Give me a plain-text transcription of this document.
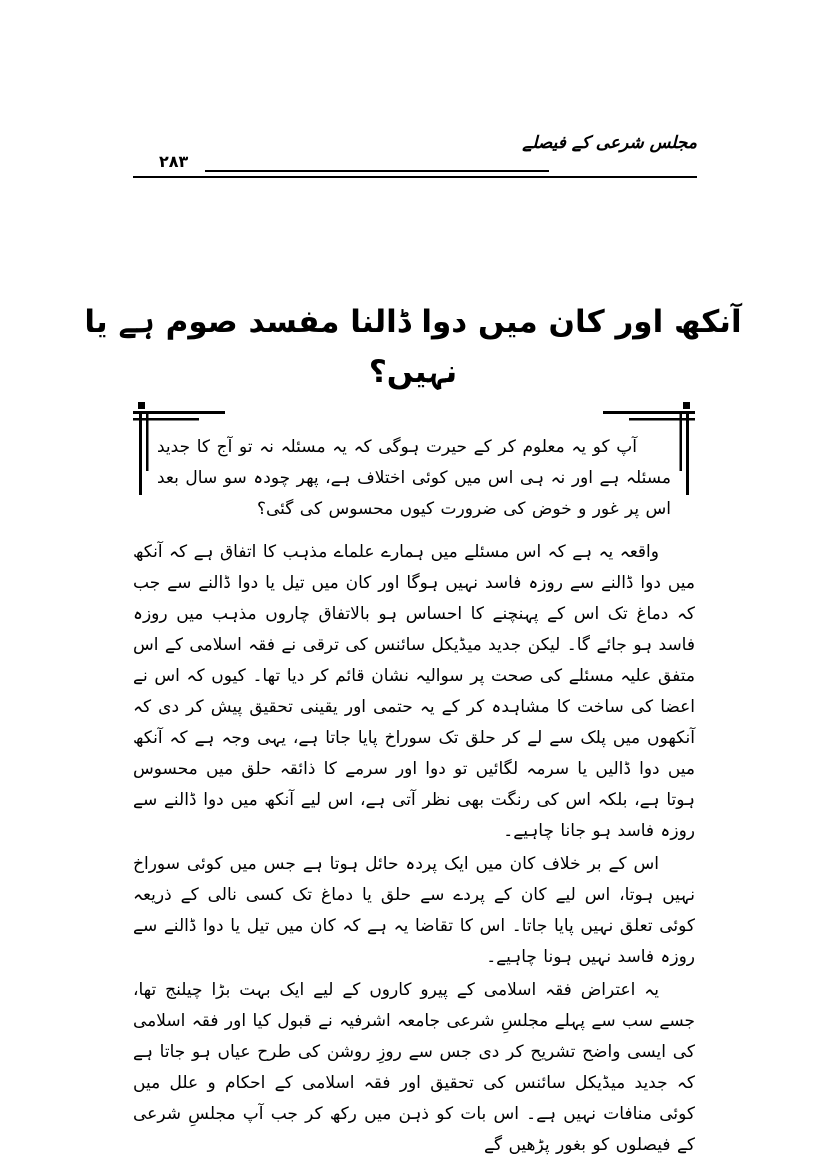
مجلس شرعی کے فیصلے
۲۸۳
آنکھ اور کان میں دوا ڈالنا مفسد صوم ہے یا نہیں؟

آپ کو یہ معلوم کر کے حیرت ہوگی کہ یہ مسئلہ نہ تو آج کا جدید مسئلہ ہے اور نہ ہی اس میں کوئی اختلاف ہے، پھر چودہ سو سال بعد اس پر غور و خوض کی ضرورت کیوں محسوس کی گئی؟

واقعہ یہ ہے کہ اس مسئلے میں ہمارے علماے مذہب کا اتفاق ہے کہ آنکھ میں دوا ڈالنے سے روزہ فاسد نہیں ہوگا اور کان میں تیل یا دوا ڈالنے سے جب کہ دماغ تک اس کے پہنچنے کا احساس ہو بالاتفاق چاروں مذہب میں روزہ فاسد ہو جائے گا۔ لیکن جدید میڈیکل سائنس کی ترقی نے فقہ اسلامی کے اس متفق علیہ مسئلے کی صحت پر سوالیہ نشان قائم کر دیا تھا۔ کیوں کہ اس نے اعضا کی ساخت کا مشاہدہ کر کے یہ حتمی اور یقینی تحقیق پیش کر دی کہ آنکھوں میں پلک سے لے کر حلق تک سوراخ پایا جاتا ہے، یہی وجہ ہے کہ آنکھ میں دوا ڈالیں یا سرمہ لگائیں تو دوا اور سرمے کا ذائقہ حلق میں محسوس ہوتا ہے، بلکہ اس کی رنگت بھی نظر آتی ہے، اس لیے آنکھ میں دوا ڈالنے سے روزہ فاسد ہو جانا چاہیے۔

اس کے بر خلاف کان میں ایک پردہ حائل ہوتا ہے جس میں کوئی سوراخ نہیں ہوتا، اس لیے کان کے پردے سے حلق یا دماغ تک کسی نالی کے ذریعہ کوئی تعلق نہیں پایا جاتا۔ اس کا تقاضا یہ ہے کہ کان میں تیل یا دوا ڈالنے سے روزہ فاسد نہیں ہونا چاہیے۔

یہ اعتراض فقہ اسلامی کے پیرو کاروں کے لیے ایک بہت بڑا چیلنج تھا، جسے سب سے پہلے مجلسِ شرعی جامعہ اشرفیہ نے قبول کیا اور فقہ اسلامی کی ایسی واضح تشریح کر دی جس سے روزِ روشن کی طرح عیاں ہو جاتا ہے کہ جدید میڈیکل سائنس کی تحقیق اور فقہ اسلامی کے احکام و علل میں کوئی منافات نہیں ہے۔ اس بات کو ذہن میں رکھ کر جب آپ مجلسِ شرعی کے فیصلوں کو بغور پڑھیں گے
